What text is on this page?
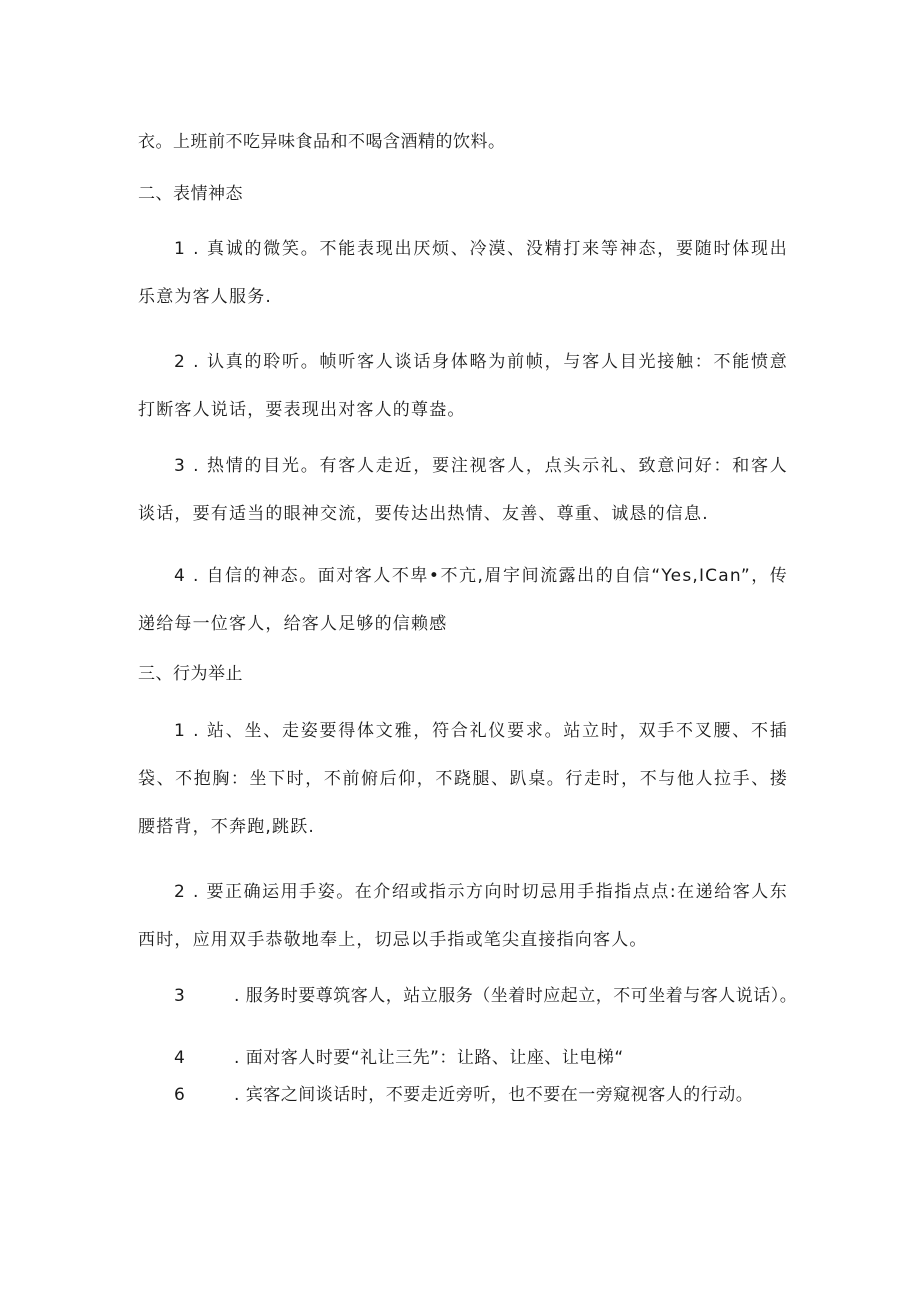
衣。上班前不吃异味食品和不喝含酒精的饮料。
二、表情神态
1 . 真诚的微笑。不能表现出厌烦、冷漠、没精打来等神态，要随时体现出乐意为客人服务.
2 . 认真的聆听。帧听客人谈话身体略为前帧，与客人目光接触：不能愤意打断客人说话，要表现出对客人的尊盎。
3 . 热情的目光。有客人走近，要注视客人，点头示礼、致意问好：和客人谈话，要有适当的眼神交流，要传达出热情、友善、尊重、诚恳的信息.
4 . 自信的神态。面对客人不卑•不亢,眉宇间流露出的自信“Yes,ICan”，传递给每一位客人，给客人足够的信赖感
三、行为举止
1 . 站、坐、走姿要得体文雅，符合礼仪要求。站立时，双手不叉腰、不插袋、不抱胸：坐下时，不前俯后仰，不跷腿、趴桌。行走时，不与他人拉手、搂腰搭背，不奔跑,跳跃.
2 . 要正确运用手姿。在介绍或指示方向时切忌用手指指点点:在递给客人东西时，应用双手恭敬地奉上，切忌以手指或笔尖直接指向客人。
3	. 服务时要尊筑客人，站立服务（坐着时应起立，不可坐着与客人说话）。
4	. 面对客人时要“礼让三先”：让路、让座、让电梯“
6	. 宾客之间谈话时，不要走近旁听，也不要在一旁窥视客人的行动。
